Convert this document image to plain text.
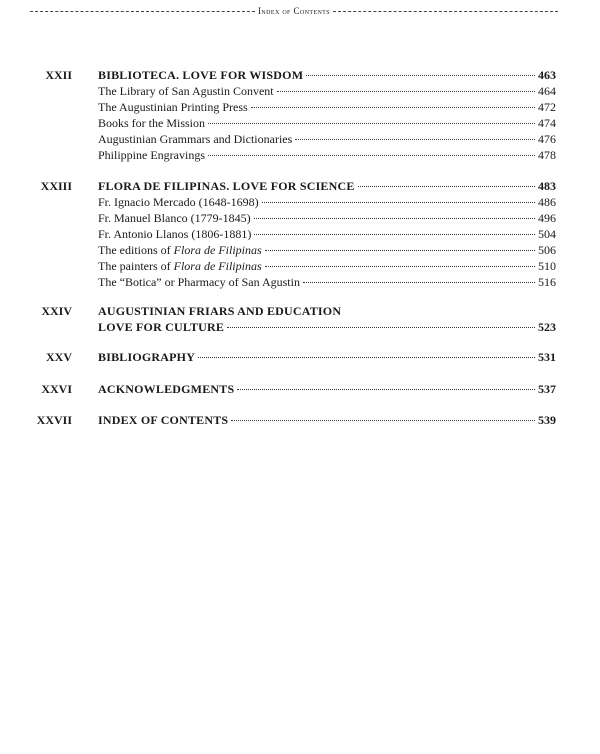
Index of Contents
XXII BIBLIOTECA. LOVE FOR WISDOM	463
The Library of San Agustin Convent	464
The Augustinian Printing Press	472
Books for the Mission	474
Augustinian Grammars and Dictionaries	476
Philippine Engravings	478
XXIII FLORA DE FILIPINAS. LOVE FOR SCIENCE	483
Fr. Ignacio Mercado (1648-1698)	486
Fr. Manuel Blanco (1779-1845)	496
Fr. Antonio Llanos (1806-1881)	504
The editions of Flora de Filipinas	506
The painters of Flora de Filipinas	510
The “Botica” or Pharmacy of San Agustin	516
XXIV AUGUSTINIAN FRIARS AND EDUCATION
LOVE FOR CULTURE	523
XXV BIBLIOGRAPHY	531
XXVI ACKNOWLEDGMENTS	537
XXVII INDEX OF CONTENTS	539
